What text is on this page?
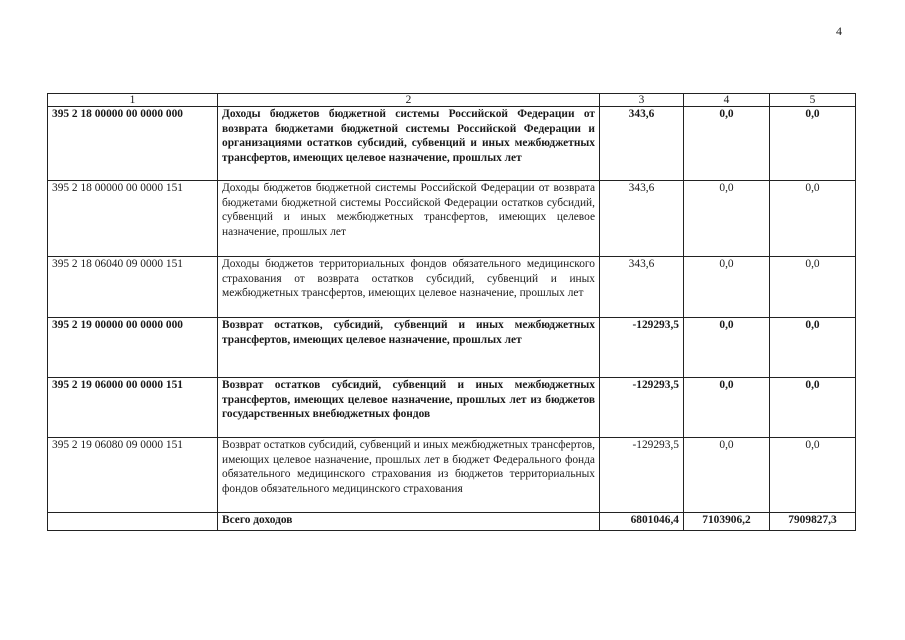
4
1	2	3	4	5
395 2 18 00000 00 0000 000	Доходы бюджетов бюджетной системы Российской Федерации от возврата бюджетами бюджетной системы Российской Федерации и организациями остатков субсидий, субвенций и иных межбюджетных трансфертов, имеющих целевое назначение, прошлых лет	343,6	0,0	0,0
395 2 18 00000 00 0000 151	Доходы бюджетов бюджетной системы Российской Федерации от возврата бюджетами бюджетной системы Российской Федерации остатков субсидий, субвенций и иных межбюджетных трансфертов, имеющих целевое назначение, прошлых лет	343,6	0,0	0,0
395 2 18 06040 09 0000 151	Доходы бюджетов территориальных фондов обязательного медицинского страхования от возврата остатков субсидий, субвенций и иных межбюджетных трансфертов, имеющих целевое назначение, прошлых лет	343,6	0,0	0,0
395 2 19 00000 00 0000 000	Возврат остатков, субсидий, субвенций и иных межбюджетных трансфертов, имеющих целевое назначение, прошлых лет	-129293,5	0,0	0,0
395 2 19 06000 00 0000 151	Возврат остатков субсидий, субвенций и иных межбюджетных трансфертов, имеющих целевое назначение, прошлых лет из бюджетов государственных внебюджетных фондов	-129293,5	0,0	0,0
395 2 19 06080 09 0000 151	Возврат остатков субсидий, субвенций и иных межбюджетных трансфертов, имеющих целевое назначение, прошлых лет в бюджет Федерального фонда обязательного медицинского страхования из бюджетов территориальных фондов обязательного медицинского страхования	-129293,5	0,0	0,0
	Всего доходов	6801046,4	7103906,2	7909827,3
